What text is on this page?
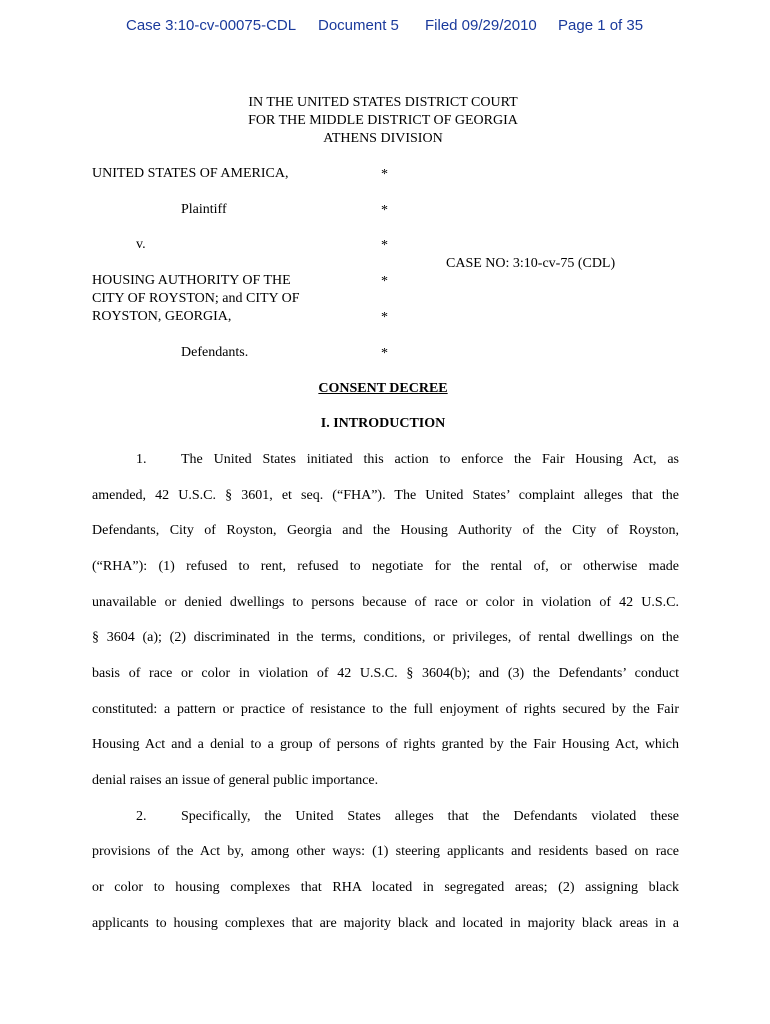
Case 3:10-cv-00075-CDL Document 5 Filed 09/29/2010 Page 1 of 35
IN THE UNITED STATES DISTRICT COURT
FOR THE MIDDLE DISTRICT OF GEORGIA
ATHENS DIVISION
UNITED STATES OF AMERICA,
Plaintiff
v.
HOUSING AUTHORITY OF THE
CITY OF ROYSTON; and CITY OF
ROYSTON, GEORGIA,
Defendants.
CASE NO: 3:10-cv-75 (CDL)
*
*
*
*
*
*
CONSENT DECREE
I. INTRODUCTION
1. The United States initiated this action to enforce the Fair Housing Act, as
amended, 42 U.S.C. § 3601, et seq. (“FHA”). The United States’ complaint alleges that the
Defendants, City of Royston, Georgia and the Housing Authority of the City of Royston,
(“RHA”): (1) refused to rent, refused to negotiate for the rental of, or otherwise made
unavailable or denied dwellings to persons because of race or color in violation of 42 U.S.C.
§ 3604 (a); (2) discriminated in the terms, conditions, or privileges, of rental dwellings on the
basis of race or color in violation of 42 U.S.C. § 3604(b); and (3) the Defendants’ conduct
constituted: a pattern or practice of resistance to the full enjoyment of rights secured by the Fair
Housing Act and a denial to a group of persons of rights granted by the Fair Housing Act, which
denial raises an issue of general public importance.
2. Specifically, the United States alleges that the Defendants violated these
provisions of the Act by, among other ways: (1) steering applicants and residents based on race
or color to housing complexes that RHA located in segregated areas; (2) assigning black
applicants to housing complexes that are majority black and located in majority black areas in a
